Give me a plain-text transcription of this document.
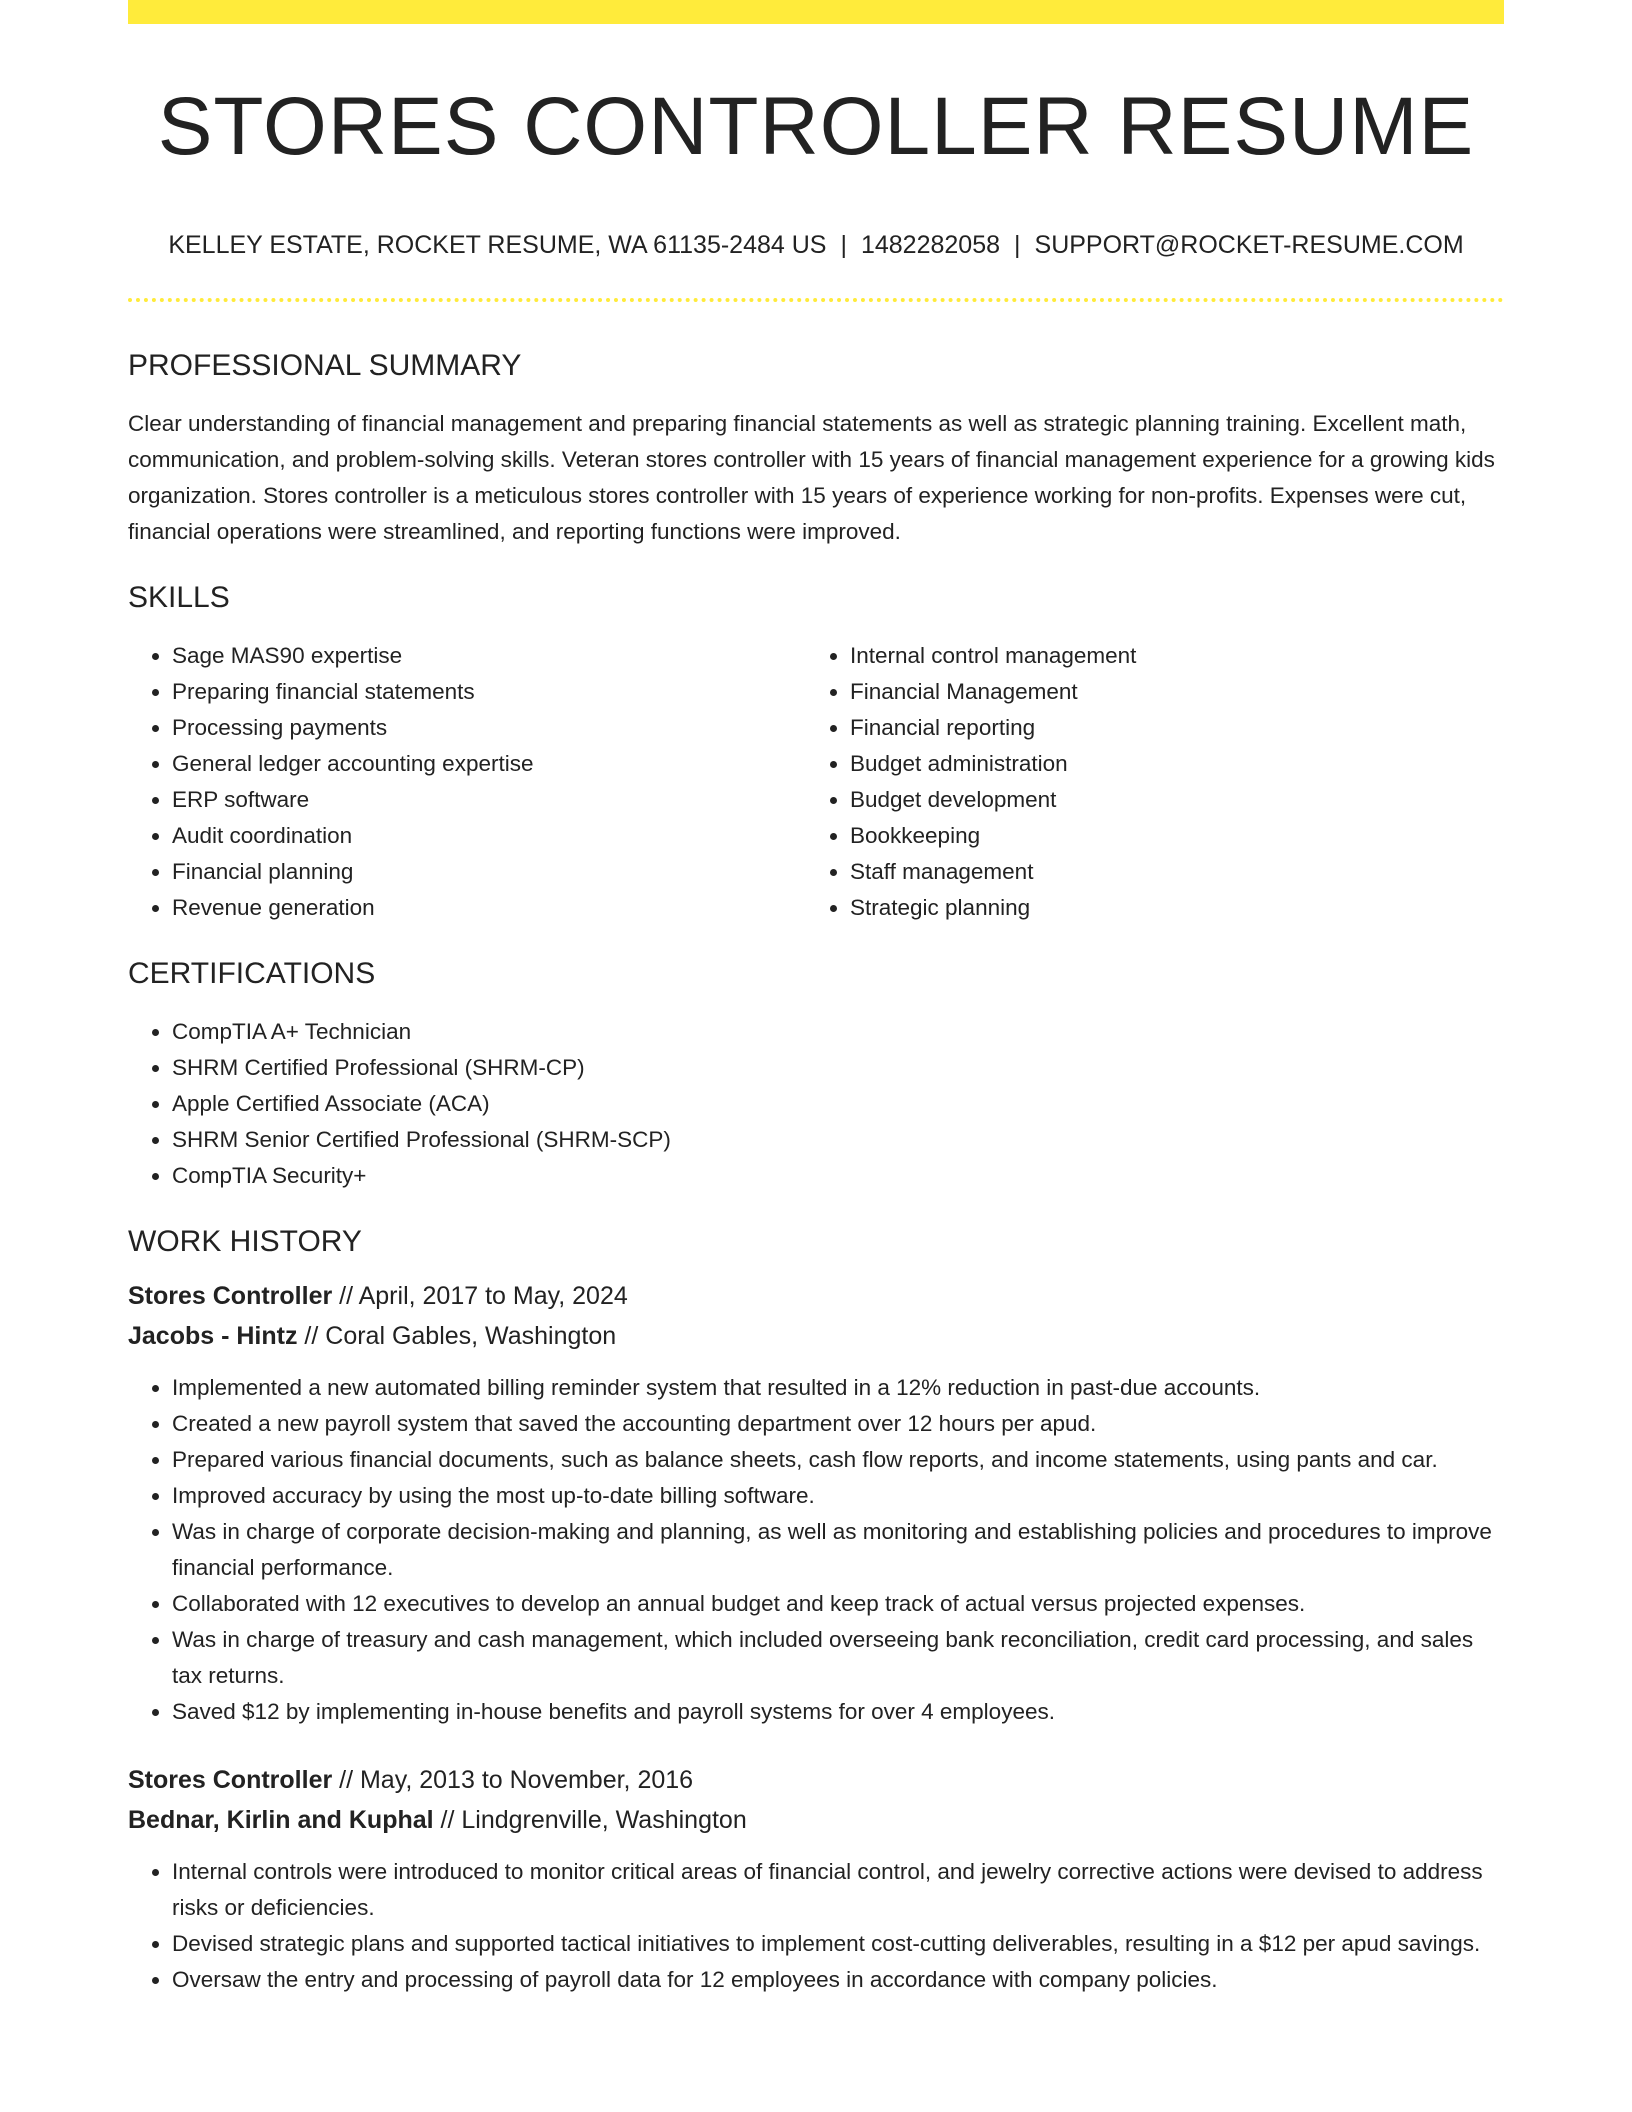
STORES CONTROLLER RESUME
KELLEY ESTATE, ROCKET RESUME, WA 61135-2484 US | 1482282058 | SUPPORT@ROCKET-RESUME.COM
PROFESSIONAL SUMMARY

Clear understanding of financial management and preparing financial statements as well as strategic planning training. Excellent math, communication, and problem-solving skills. Veteran stores controller with 15 years of financial management experience for a growing kids organization. Stores controller is a meticulous stores controller with 15 years of experience working for non-profits. Expenses were cut, financial operations were streamlined, and reporting functions were improved.

SKILLS
• Sage MAS90 expertise
• Preparing financial statements
• Processing payments
• General ledger accounting expertise
• ERP software
• Audit coordination
• Financial planning
• Revenue generation
• Internal control management
• Financial Management
• Financial reporting
• Budget administration
• Budget development
• Bookkeeping
• Staff management
• Strategic planning
CERTIFICATIONS
• CompTIA A+ Technician
• SHRM Certified Professional (SHRM-CP)
• Apple Certified Associate (ACA)
• SHRM Senior Certified Professional (SHRM-SCP)
• CompTIA Security+
WORK HISTORY
Stores Controller // April, 2017 to May, 2024
Jacobs - Hintz // Coral Gables, Washington
• Implemented a new automated billing reminder system that resulted in a 12% reduction in past-due accounts.
• Created a new payroll system that saved the accounting department over 12 hours per apud.
• Prepared various financial documents, such as balance sheets, cash flow reports, and income statements, using pants and car.
• Improved accuracy by using the most up-to-date billing software.
• Was in charge of corporate decision-making and planning, as well as monitoring and establishing policies and procedures to improve financial performance.
• Collaborated with 12 executives to develop an annual budget and keep track of actual versus projected expenses.
• Was in charge of treasury and cash management, which included overseeing bank reconciliation, credit card processing, and sales tax returns.
• Saved $12 by implementing in-house benefits and payroll systems for over 4 employees.
Stores Controller // May, 2013 to November, 2016
Bednar, Kirlin and Kuphal // Lindgrenville, Washington
• Internal controls were introduced to monitor critical areas of financial control, and jewelry corrective actions were devised to address risks or deficiencies.
• Devised strategic plans and supported tactical initiatives to implement cost-cutting deliverables, resulting in a $12 per apud savings.
• Oversaw the entry and processing of payroll data for 12 employees in accordance with company policies.
